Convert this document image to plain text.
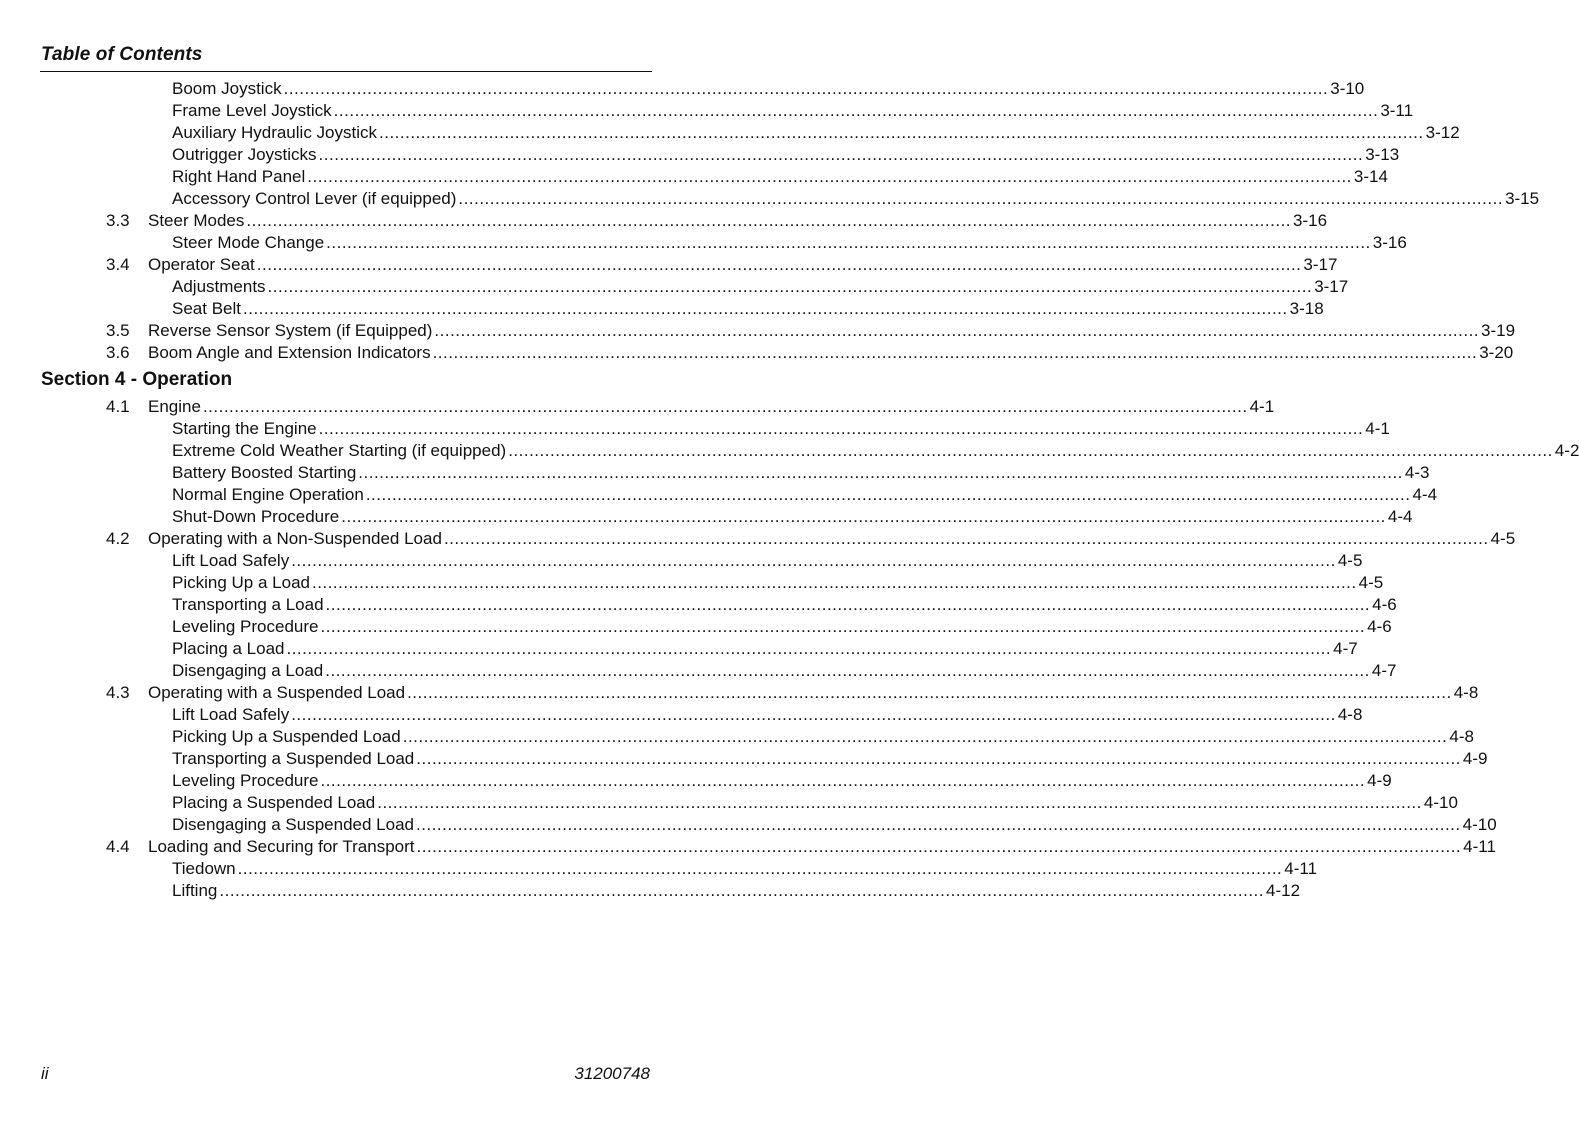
Table of Contents
Boom Joystick ........................................................................................................................................................................................................ 3-10
Frame Level Joystick ........................................................................................................................................................................................................ 3-11
Auxiliary Hydraulic Joystick ........................................................................................................................................................................................................ 3-12
Outrigger Joysticks ........................................................................................................................................................................................................ 3-13
Right Hand Panel ........................................................................................................................................................................................................ 3-14
Accessory Control Lever (if equipped) ........................................................................................................................................................................................................ 3-15
3.3 Steer Modes ........................................................................................................................................................................................................ 3-16
Steer Mode Change ........................................................................................................................................................................................................ 3-16
3.4 Operator Seat ........................................................................................................................................................................................................ 3-17
Adjustments ........................................................................................................................................................................................................ 3-17
Seat Belt ........................................................................................................................................................................................................ 3-18
3.5 Reverse Sensor System (if Equipped) ........................................................................................................................................................................................................ 3-19
3.6 Boom Angle and Extension Indicators ........................................................................................................................................................................................................ 3-20
Section 4 - Operation
4.1 Engine ........................................................................................................................................................................................................ 4-1
Starting the Engine ........................................................................................................................................................................................................ 4-1
Extreme Cold Weather Starting (if equipped) ........................................................................................................................................................................................................ 4-2
Battery Boosted Starting ........................................................................................................................................................................................................ 4-3
Normal Engine Operation ........................................................................................................................................................................................................ 4-4
Shut-Down Procedure ........................................................................................................................................................................................................ 4-4
4.2 Operating with a Non-Suspended Load ........................................................................................................................................................................................................ 4-5
Lift Load Safely ........................................................................................................................................................................................................ 4-5
Picking Up a Load ........................................................................................................................................................................................................ 4-5
Transporting a Load ........................................................................................................................................................................................................ 4-6
Leveling Procedure ........................................................................................................................................................................................................ 4-6
Placing a Load ........................................................................................................................................................................................................ 4-7
Disengaging a Load ........................................................................................................................................................................................................ 4-7
4.3 Operating with a Suspended Load ........................................................................................................................................................................................................ 4-8
Lift Load Safely ........................................................................................................................................................................................................ 4-8
Picking Up a Suspended Load ........................................................................................................................................................................................................ 4-8
Transporting a Suspended Load ........................................................................................................................................................................................................ 4-9
Leveling Procedure ........................................................................................................................................................................................................ 4-9
Placing a Suspended Load ........................................................................................................................................................................................................ 4-10
Disengaging a Suspended Load ........................................................................................................................................................................................................ 4-10
4.4 Loading and Securing for Transport ........................................................................................................................................................................................................ 4-11
Tiedown ........................................................................................................................................................................................................ 4-11
Lifting ........................................................................................................................................................................................................ 4-12
ii	31200748
